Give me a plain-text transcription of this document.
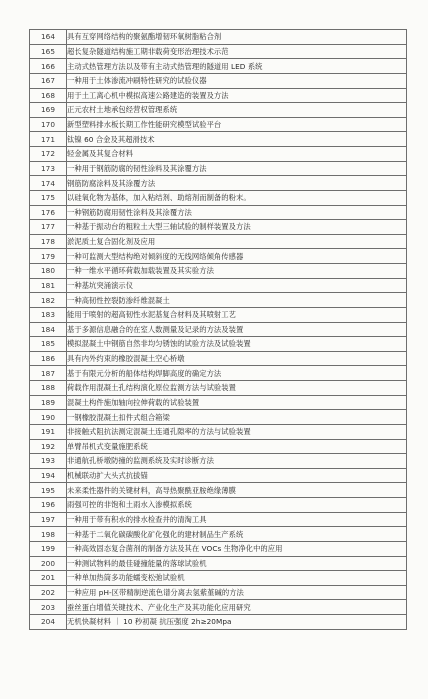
164	具有互穿网络结构的聚氨酯增韧环氧树脂粘合剂
165	超长复杂隧道结构施工期非载荷变形治理技术示范
166	主动式热管理方法以及带有主动式热管理的隧道用 LED 系统
167	一种用于土体渗流冲刷特性研究的试验仪器
168	用于土工离心机中模拟高速公路建造的装置及方法
169	正元农村土地承包经营权管理系统
170	新型塑料排水板长期工作性能研究模型试验平台
171	钛镍 60 合金及其超滑技术
172	轻金属及其复合材料
173	一种用于钢筋防腐的韧性涂料及其涂覆方法
174	钢筋防腐涂料及其涂覆方法
175	以硅氧化物为基体，加入粘结剂、助熔剂而制备的粉末。
176	一种钢筋防腐用韧性涂料及其涂覆方法
177	一种基于振动台的粗粒土大型三轴试验的制样装置及方法
178	淤泥质土复合固化剂及应用
179	一种可监测大型结构绝对倾斜度的无线网络倾角传感器
180	一种一维水平循环荷载加载装置及其实验方法
181	一种基坑突涌演示仪
182	一种高韧性控裂防渗纤维混凝土
183	能用于喷射的超高韧性水泥基复合材料及其喷射工艺
184	基于多源信息融合的在室人数测量及记录的方法及装置
185	模拟混凝土中钢筋自然非均匀锈蚀的试验方法及试验装置
186	具有内外约束的橡胶混凝土空心桥墩
187	基于有限元分析的船体结构焊脚高度的确定方法
188	荷载作用混凝土孔结构演化原位监测方法与试验装置
189	混凝土构件施加轴向拉伸荷载的试验装置
190	一钢橡胶混凝土扣件式组合箱梁
191	非接触式阻抗法测定混凝土连通孔隙率的方法与试验装置
192	单臂吊机式变量施肥系统
193	非通航孔桥墩防撞的监测系统及实时诊断方法
194	机械联动扩大头式抗拔锚
195	未来柔性器件的关键材料，高导热聚酰亚胺绝缘薄膜
196	雨强可控的非饱和土雨水入渗模拟系统
197	一种用于带有积水的排水检查井的清淘工具
198	一种基于二氧化碳碳酸化矿化强化的建材制品生产系统
199	一种高效固态复合菌剂的制备方法及其在 VOCs 生物净化中的应用
200	一种测试物料的最佳碰撞能量的落球试验机
201	一种单加热筒多功能蠕变松弛试验机
202	一种应用 pH-区带精制逆流色谱分离去氢紫堇碱的方法
203	蚕丝蛋白增值关键技术、产业化生产及其功能化应用研究
204	无机快凝材料 ｜ 10 秒初凝 抗压强度 2h≥20Mpa
